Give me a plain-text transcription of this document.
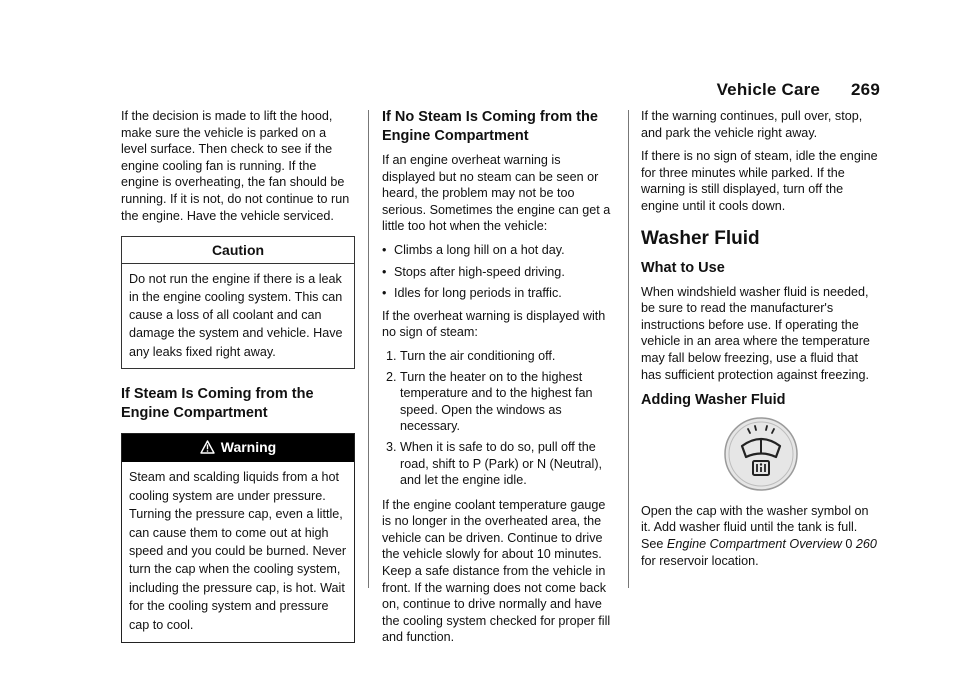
Vehicle Care 269

If the decision is made to lift the hood, make sure the vehicle is parked on a level surface. Then check to see if the engine cooling fan is running. If the engine is overheating, the fan should be running. If it is not, do not continue to run the engine. Have the vehicle serviced.

Caution
Do not run the engine if there is a leak in the engine cooling system. This can cause a loss of all coolant and can damage the system and vehicle. Have any leaks fixed right away.
If Steam Is Coming from the Engine Compartment
Warning
Steam and scalding liquids from a hot cooling system are under pressure. Turning the pressure cap, even a little, can cause them to come out at high speed and you could be burned. Never turn the cap when the cooling system, including the pressure cap, is hot. Wait for the cooling system and pressure cap to cool.
If No Steam Is Coming from the Engine Compartment

If an engine overheat warning is displayed but no steam can be seen or heard, the problem may not be too serious. Sometimes the engine can get a little too hot when the vehicle:

• Climbs a long hill on a hot day.
• Stops after high-speed driving.
• Idles for long periods in traffic.

If the overheat warning is displayed with no sign of steam:

1. Turn the air conditioning off.
2. Turn the heater on to the highest temperature and to the highest fan speed. Open the windows as necessary.
3. When it is safe to do so, pull off the road, shift to P (Park) or N (Neutral), and let the engine idle.

If the engine coolant temperature gauge is no longer in the overheated area, the vehicle can be driven. Continue to drive the vehicle slowly for about 10 minutes. Keep a safe distance from the vehicle in front. If the warning does not come back on, continue to drive normally and have the cooling system checked for proper fill and function.

If the warning continues, pull over, stop, and park the vehicle right away.

If there is no sign of steam, idle the engine for three minutes while parked. If the warning is still displayed, turn off the engine until it cools down.

Washer Fluid
What to Use

When windshield washer fluid is needed, be sure to read the manufacturer's instructions before use. If operating the vehicle in an area where the temperature may fall below freezing, use a fluid that has sufficient protection against freezing.

Adding Washer Fluid

Open the cap with the washer symbol on it. Add washer fluid until the tank is full. See Engine Compartment Overview 0 260 for reservoir location.
